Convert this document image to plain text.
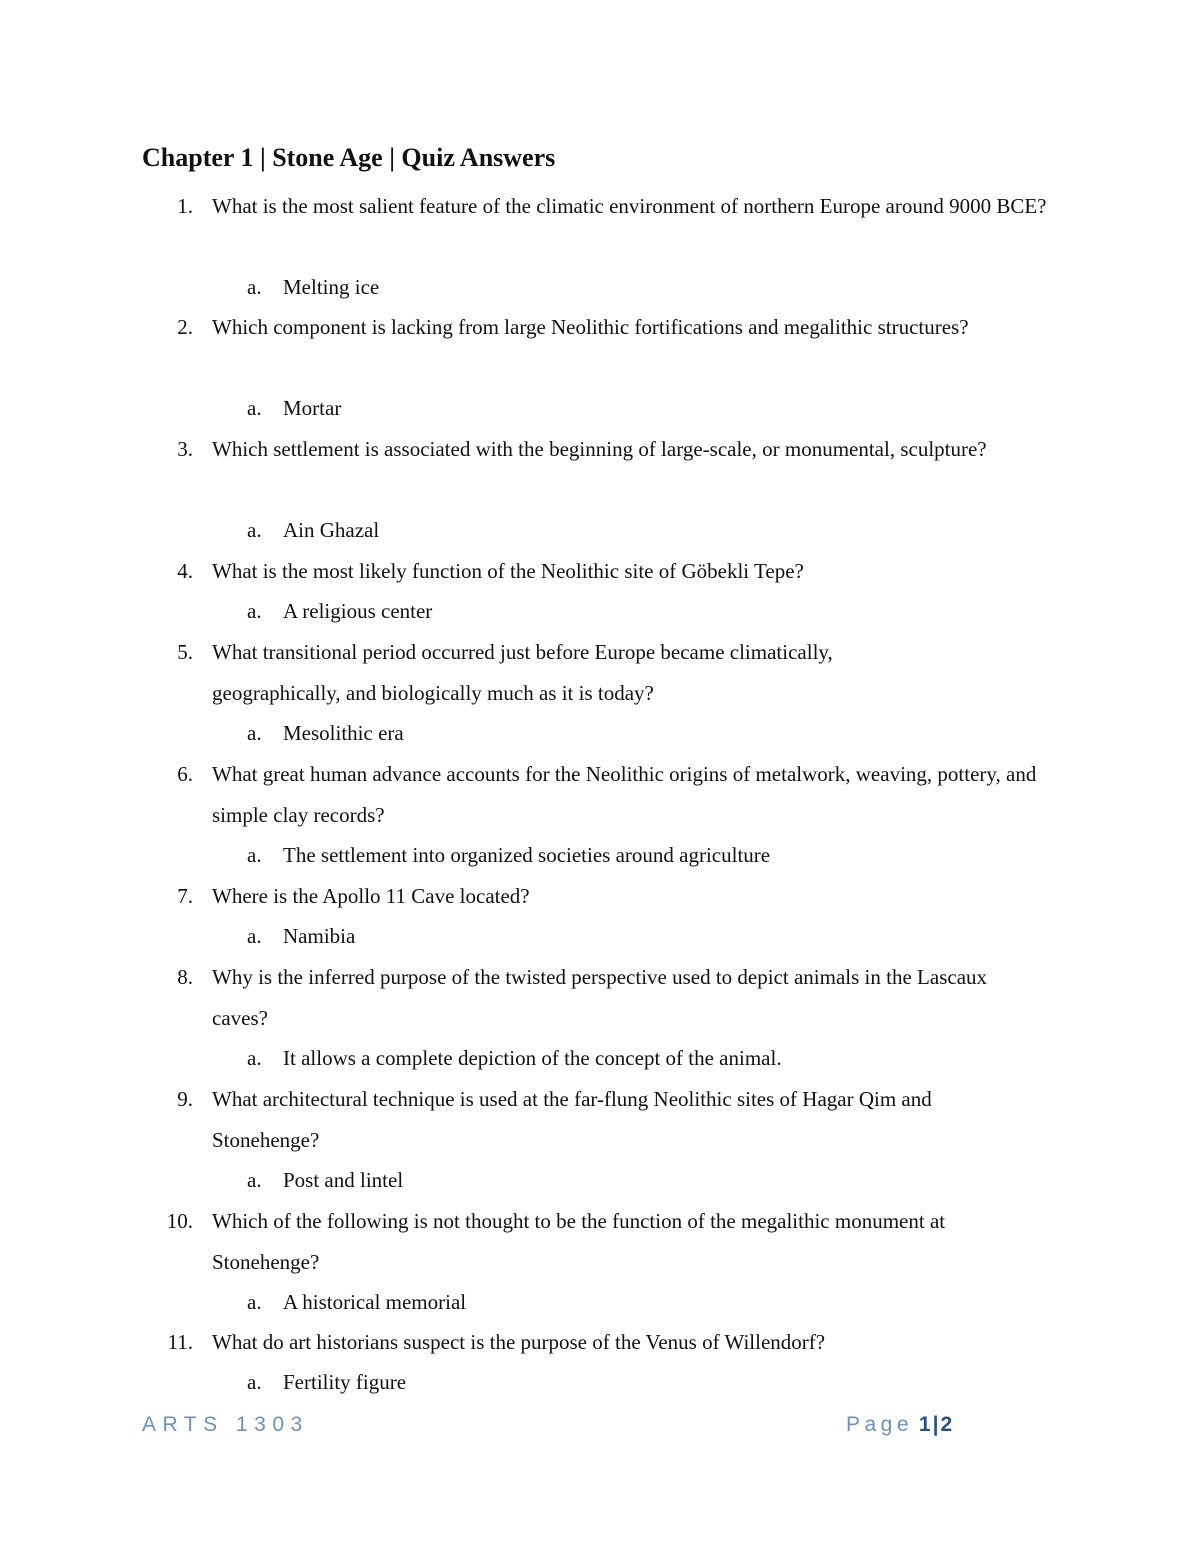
Chapter 1 | Stone Age | Quiz Answers
1. What is the most salient feature of the climatic environment of northern Europe around 9000 BCE?
a. Melting ice
2. Which component is lacking from large Neolithic fortifications and megalithic structures?
a. Mortar
3. Which settlement is associated with the beginning of large-scale, or monumental, sculpture?
a. Ain Ghazal
4. What is the most likely function of the Neolithic site of Göbekli Tepe?
a. A religious center
5. What transitional period occurred just before Europe became climatically, geographically, and biologically much as it is today?
a. Mesolithic era
6. What great human advance accounts for the Neolithic origins of metalwork, weaving, pottery, and simple clay records?
a. The settlement into organized societies around agriculture
7. Where is the Apollo 11 Cave located?
a. Namibia
8. Why is the inferred purpose of the twisted perspective used to depict animals in the Lascaux caves?
a. It allows a complete depiction of the concept of the animal.
9. What architectural technique is used at the far-flung Neolithic sites of Hagar Qim and Stonehenge?
a. Post and lintel
10. Which of the following is not thought to be the function of the megalithic monument at Stonehenge?
a. A historical memorial
11. What do art historians suspect is the purpose of the Venus of Willendorf?
a. Fertility figure
ARTS 1303	Page 1|2
